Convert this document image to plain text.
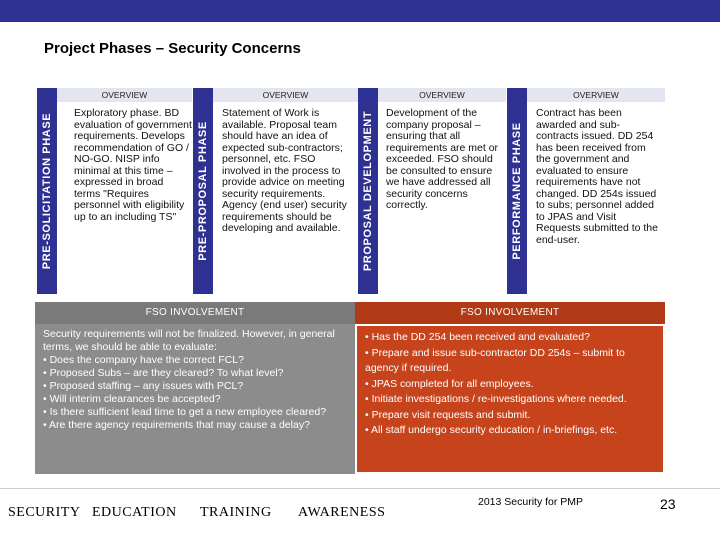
Project Phases – Security Concerns
PRE-SOLICITATION PHASE
OVERVIEW
Exploratory phase. BD evaluation of government requirements. Develops recommendation of GO / NO-GO. NISP info minimal at this time – expressed in broad terms "Requires personnel with eligibility up to an including TS"	PRE-PROPOSAL PHASE
OVERVIEW
Statement of Work is available. Proposal team should have an idea of expected sub-contractors; personnel, etc. FSO involved in the process to provide advice on meeting security requirements. Agency (end user) security requirements should be developing and available.	PROPOSAL DEVELOPMENT
OVERVIEW
Development of the company proposal – ensuring that all requirements are met or exceeded. FSO should be consulted to ensure we have addressed all security concerns correctly.	PERFORMANCE PHASE
OVERVIEW
Contract has been awarded and sub-contracts issued. DD 254 has been received from the government and evaluated to ensure requirements have not changed. DD 254s issued to subs; personnel added to JPAS and Visit Requests submitted to the end-user.
FSO INVOLVEMENT
Security requirements will not be finalized. However, in general terms, we should be able to evaluate:
• Does the company have the correct FCL?
• Proposed Subs – are they cleared? To what level?
• Proposed staffing – any issues with PCL?
• Will interim clearances be accepted?
• Is there sufficient lead time to get a new employee cleared?
• Are there agency requirements that may cause a delay?
FSO INVOLVEMENT
• Has the DD 254 been received and evaluated?
• Prepare and issue sub-contractor DD 254s – submit to agency if required.
• JPAS completed for all employees.
• Initiate investigations / re-investigations where needed.
• Prepare visit requests and submit.
• All staff undergo security education / in-briefings, etc.
SECURITY EDUCATION TRAINING AWARENESS
2013 Security for PMP	23
